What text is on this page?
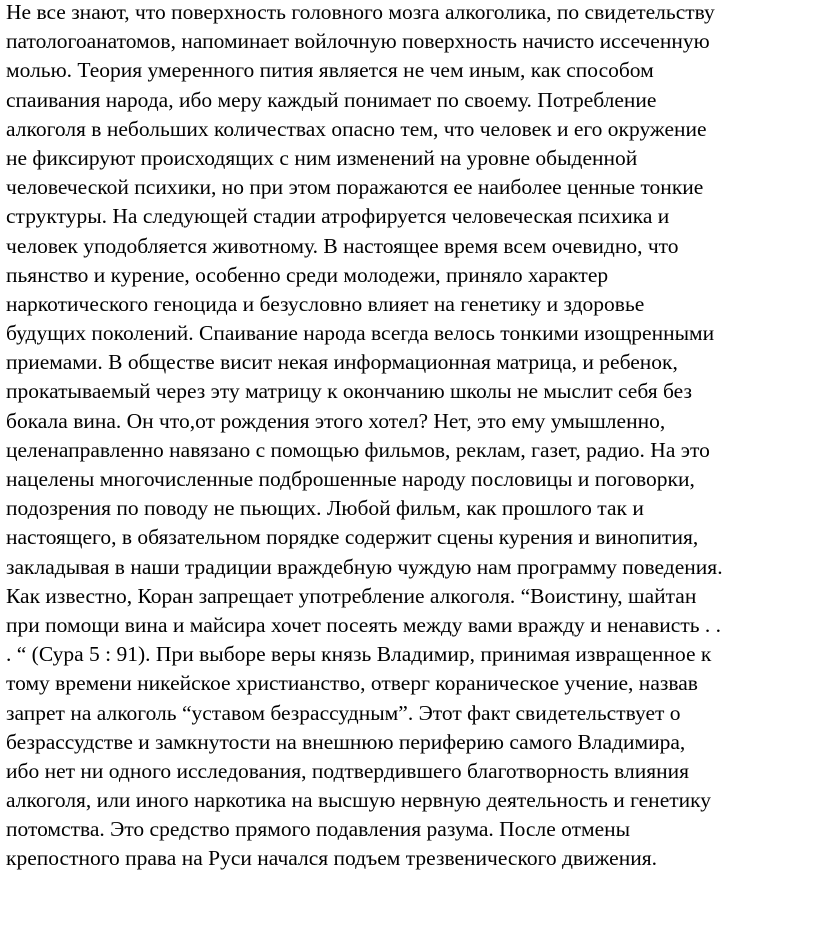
Не все знают, что поверхность головного мозга алкоголика, по свидетельству
патологоанатомов, напоминает войлочную поверхность начисто иссеченную
молью. Теория умеренного пития является не чем иным, как способом
спаивания народа, ибо меру каждый понимает по своему. Потребление
алкоголя в небольших количествах опасно тем, что человек и его окружение
не фиксируют происходящих с ним изменений на уровне обыденной
человеческой психики, но при этом поражаются ее наиболее ценные тонкие
структуры. На следующей стадии атрофируется человеческая психика и
человек уподобляется животному. В настоящее время всем очевидно, что
пьянство и курение, особенно среди молодежи, приняло характер
наркотического геноцида и безусловно влияет на генетику и здоровье
будущих поколений. Спаивание народа всегда велось тонкими изощренными
приемами. В обществе висит некая информационная матрица, и ребенок,
прокатываемый через эту матрицу к окончанию школы не мыслит себя без
бокала вина. Он что,от рождения этого хотел? Нет, это ему умышленно,
целенаправленно навязано с помощью фильмов, реклам, газет, радио. На это
нацелены многочисленные подброшенные народу пословицы и поговорки,
подозрения по поводу не пьющих. Любой фильм, как прошлого так и
настоящего, в обязательном порядке содержит сцены курения и винопития,
закладывая в наши традиции враждебную чуждую нам программу поведения.
Как известно, Коран запрещает употребление алкоголя. “Воистину, шайтан
при помощи вина и майсира хочет посеять между вами вражду и ненависть . .
. “ (Сура 5 : 91). При выборе веры князь Владимир, принимая извращенное к
тому времени никейское христианство, отверг кораническое учение, назвав
запрет на алкоголь “уставом безрассудным”. Этот факт свидетельствует о
безрассудстве и замкнутости на внешнюю периферию самого Владимира,
ибо нет ни одного исследования, подтвердившего благотворность влияния
алкоголя, или иного наркотика на высшую нервную деятельность и генетику
потомства. Это средство прямого подавления разума. После отмены
крепостного права на Руси начался подъем трезвенического движения.
